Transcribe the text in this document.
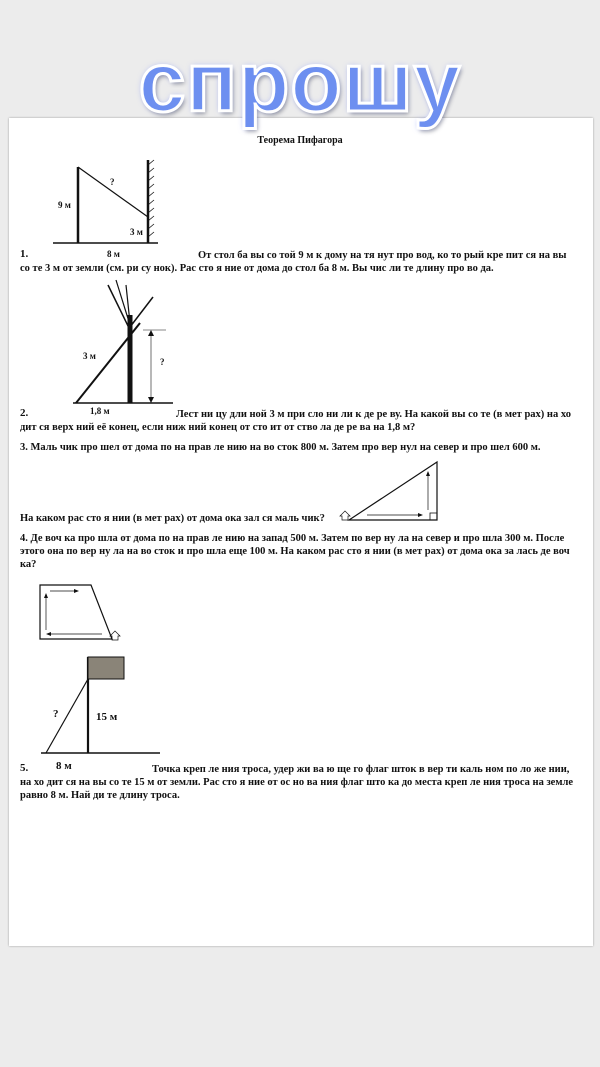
Теорема Пифагора
9 м
?
3 м
8 м
1.	От стол ба вы со той 9 м к дому на тя нут про вод, ко то рый кре пит ся на вы со те 3 м от земли (см. ри су нок). Рас сто я ние от дома до стол ба 8 м. Вы чис ли те длину про во да.
3 м
?
1,8 м
2.	Лест ни цу дли ной 3 м при сло ни ли к де ре ву. На какой вы со те (в мет рах) на хо дит ся верх ний её конец, если ниж ний конец от сто ит от ство ла де ре ва на 1,8 м?
3. Маль чик про шел от дома по на прав ле нию на во сток 800 м. Затем про вер нул на север и про шел 600 м.
На каком рас сто я нии (в мет рах) от дома ока зал ся маль чик?
4. Де воч ка про шла от дома по на прав ле нию на запад 500 м. Затем по вер ну ла на север и про шла 300 м. После этого она по вер ну ла на во сток и про шла еще 100 м. На каком рас сто я нии (в мет рах) от дома ока за лась де воч ка?
?	15 м
8 м
5.	Точка креп ле ния троса, удер жи ва ю ще го флаг шток в вер ти каль ном по ло же нии, на хо дит ся на вы со те 15 м от земли. Рас сто я ние от ос но ва ния флаг што ка до места креп ле ния троса на земле равно 8 м. Най ди те длину троса.
спрошу
